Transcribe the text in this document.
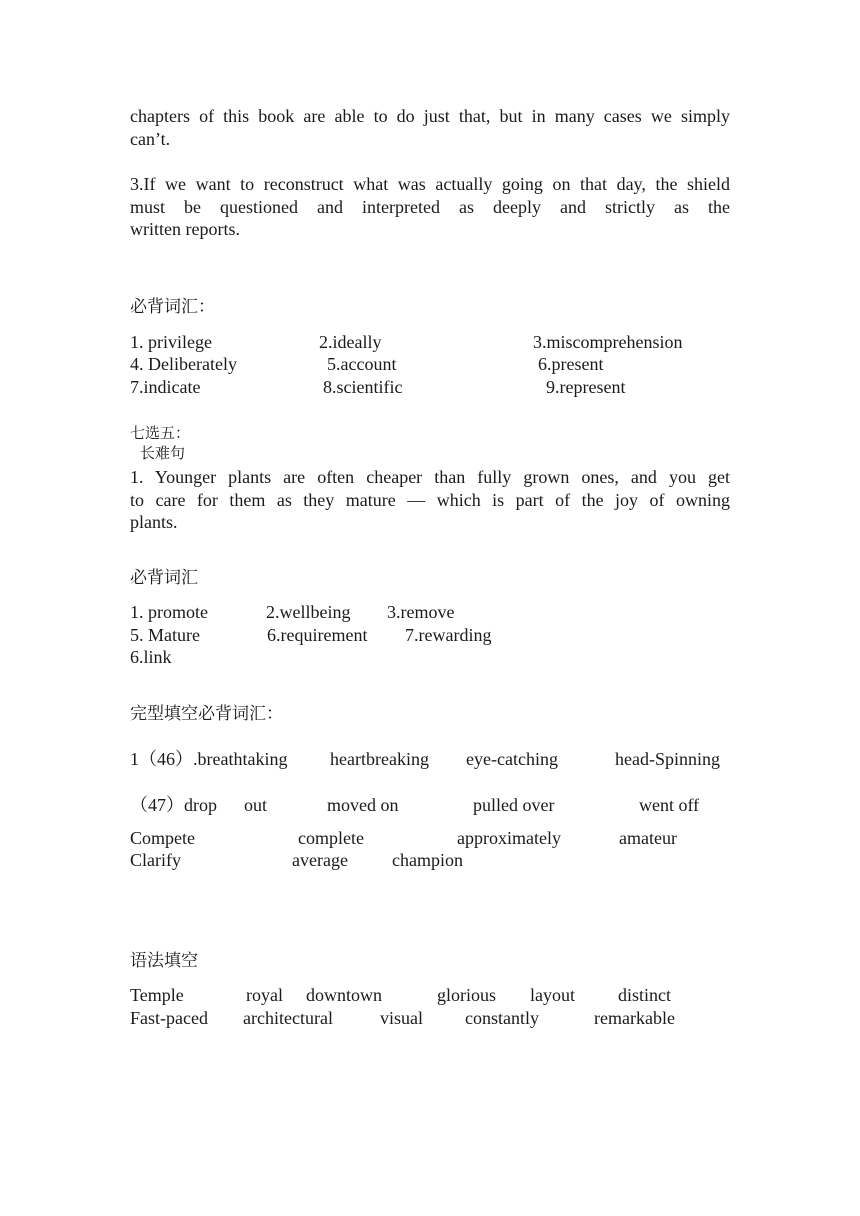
chapters of this book are able to do just that, but in many cases we simply
can’t.
3.If we want to reconstruct what was actually going on that day, the shield
must be questioned and interpreted as deeply and strictly as the
written reports.
必背词汇：
1. privilege	2.ideally	3.miscomprehension
4. Deliberately	5.account	6.present
7.indicate	8.scientific	9.represent
七选五：
长难句
1. Younger plants are often cheaper than fully grown ones, and you get
to care for them as they mature — which is part of the joy of owning
plants.
必背词汇
1. promote	2.wellbeing 3.remove
5. Mature	6.requirement 7.rewarding
6.link
完型填空必背词汇：
1（46）.breathtaking heartbreaking eye-catching	head-Spinning
（47）drop out	moved on	pulled over	went off
Compete	complete	approximately	amateur
Clarify	average champion
语法填空
Temple	royal downtown	glorious layout distinct
Fast-paced architectural	visual constantly	remarkable
